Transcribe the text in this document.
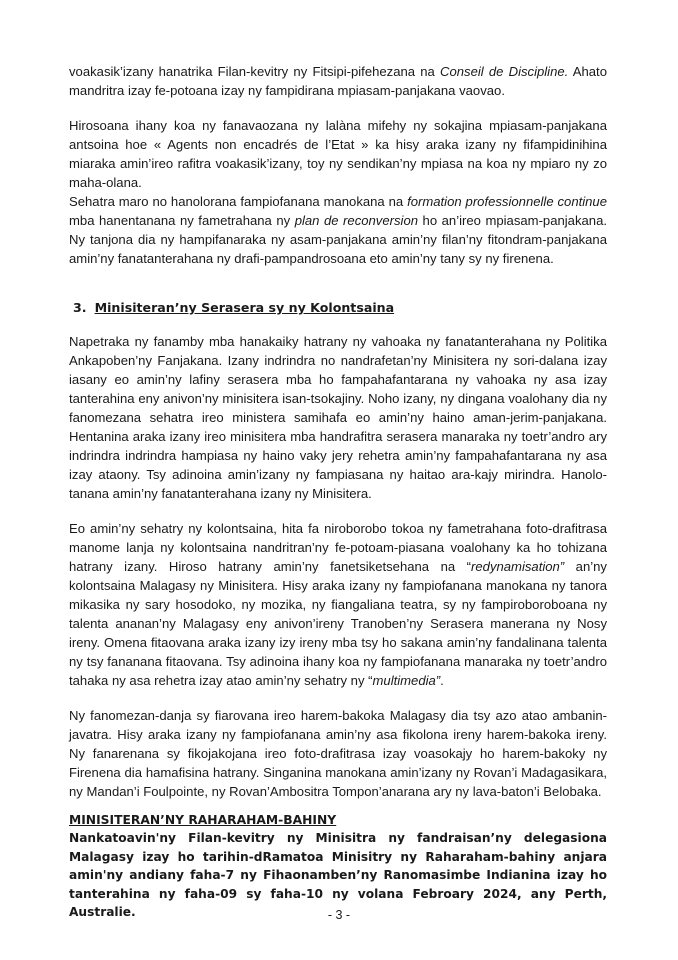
voakasik’izany hanatrika Filan-kevitry ny Fitsipi-pifehezana na Conseil de Discipline. Ahato mandritra izay fe-potoana izay ny fampidirana mpiasam-panjakana vaovao.

Hirosoana ihany koa ny fanavaozana ny lalàna mifehy ny sokajina mpiasam-panjakana antsoina hoe « Agents non encadrés de l’Etat » ka hisy araka izany ny fifampidinihina miaraka amin’ireo rafitra voakasik’izany, toy ny sendikan’ny mpiasa na koa ny mpiaro ny zo maha-olana.

Sehatra maro no hanolorana fampiofanana manokana na formation professionnelle continue mba hanentanana ny fametrahana ny plan de reconversion ho an’ireo mpiasam-panjakana. Ny tanjona dia ny hampifanaraka ny asam-panjakana amin’ny filan’ny fitondram-panjakana amin’ny fanatanterahana ny drafi-pampandrosoana eto amin’ny tany sy ny firenena.

3. Minisiteran’ny Serasera sy ny Kolontsaina

Napetraka ny fanamby mba hanakaiky hatrany ny vahoaka ny fanatanterahana ny Politika Ankapoben’ny Fanjakana. Izany indrindra no nandrafetan’ny Minisitera ny sori-dalana izay iasany eo amin’ny lafiny serasera mba ho fampahafantarana ny vahoaka ny asa izay tanterahina eny anivon’ny minisitera isan-tsokajiny. Noho izany, ny dingana voalohany dia ny fanomezana sehatra ireo ministera samihafa eo amin’ny haino aman-jerim-panjakana. Hentanina araka izany ireo minisitera mba handrafitra serasera manaraka ny toetr’andro ary indrindra indrindra hampiasa ny haino vaky jery rehetra amin’ny fampahafantarana ny asa izay ataony. Tsy adinoina amin’izany ny fampiasana ny haitao ara-kajy mirindra. Hanolo-tanana amin’ny fanatanterahana izany ny Minisitera.

Eo amin’ny sehatry ny kolontsaina, hita fa niroborobo tokoa ny fametrahana foto-drafitrasa manome lanja ny kolontsaina nandritran’ny fe-potoam-piasana voalohany ka ho tohizana hatrany izany. Hiroso hatrany amin’ny fanetsiketsehana na “redynamisation” an’ny kolontsaina Malagasy ny Minisitera. Hisy araka izany ny fampiofanana manokana ny tanora mikasika ny sary hosodoko, ny mozika, ny fiangaliana teatra, sy ny fampiroboroboana ny talenta ananan’ny Malagasy eny anivon’ireny Tranoben’ny Serasera manerana ny Nosy ireny. Omena fitaovana araka izany izy ireny mba tsy ho sakana amin’ny fandalinana talenta ny tsy fananana fitaovana. Tsy adinoina ihany koa ny fampiofanana manaraka ny toetr’andro tahaka ny asa rehetra izay atao amin’ny sehatry ny “multimedia”.

Ny fanomezan-danja sy fiarovana ireo harem-bakoka Malagasy dia tsy azo atao ambanin-javatra. Hisy araka izany ny fampiofanana amin’ny asa fikolona ireny harem-bakoka ireny. Ny fanarenana sy fikojakojana ireo foto-drafitrasa izay voasokajy ho harem-bakoky ny Firenena dia hamafisina hatrany. Singanina manokana amin’izany ny Rovan’i Madagasikara, ny Mandan’i Foulpointe, ny Rovan’Ambositra Tompon’anarana ary ny lava-baton’i Belobaka.

MINISITERAN’NY RAHARAHAM-BAHINY

Nankatoavin'ny Filan-kevitry ny Minisitra ny fandraisan’ny delegasiona Malagasy izay ho tarihin-dRamatoa Minisitry ny Raharaham-bahiny anjara amin'ny andiany faha-7 ny Fihaonamben’ny Ranomasimbe Indianina izay ho tanterahina ny faha-09 sy faha-10 ny volana Febroary 2024, any Perth, Australie.	- 3 -
